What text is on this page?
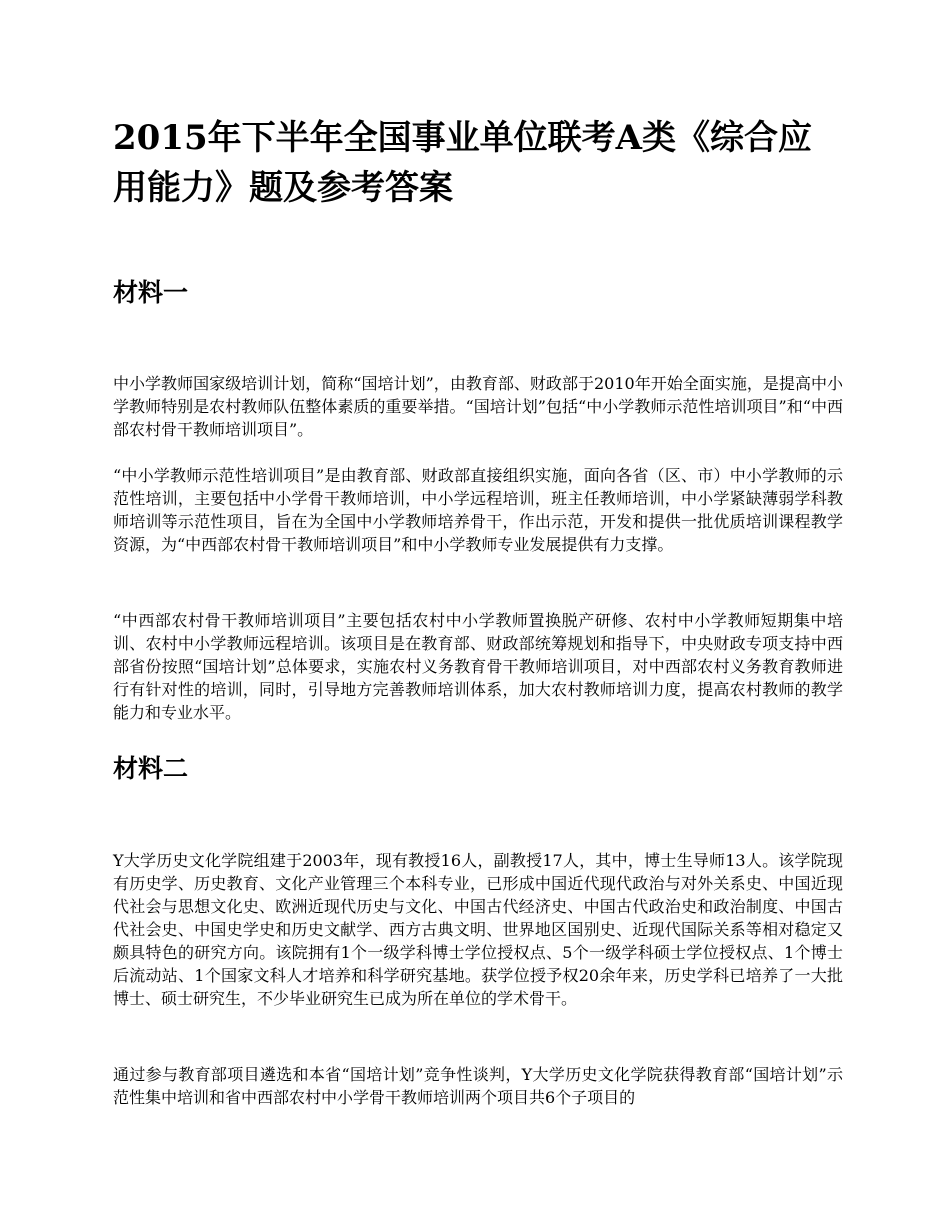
2015年下半年全国事业单位联考A类《综合应用能力》题及参考答案
材料一

中小学教师国家级培训计划，简称“国培计划”，由教育部、财政部于2010年开始全面实施，是提高中小学教师特别是农村教师队伍整体素质的重要举措。“国培计划”包括“中小学教师示范性培训项目”和“中西部农村骨干教师培训项目”。

“中小学教师示范性培训项目”是由教育部、财政部直接组织实施，面向各省（区、市）中小学教师的示范性培训，主要包括中小学骨干教师培训，中小学远程培训，班主任教师培训，中小学紧缺薄弱学科教师培训等示范性项目，旨在为全国中小学教师培养骨干，作出示范，开发和提供一批优质培训课程教学资源，为“中西部农村骨干教师培训项目”和中小学教师专业发展提供有力支撑。

“中西部农村骨干教师培训项目”主要包括农村中小学教师置换脱产研修、农村中小学教师短期集中培训、农村中小学教师远程培训。该项目是在教育部、财政部统筹规划和指导下，中央财政专项支持中西部省份按照“国培计划”总体要求，实施农村义务教育骨干教师培训项目，对中西部农村义务教育教师进行有针对性的培训，同时，引导地方完善教师培训体系，加大农村教师培训力度，提高农村教师的教学能力和专业水平。

材料二

Y大学历史文化学院组建于2003年，现有教授16人，副教授17人，其中，博士生导师13人。该学院现有历史学、历史教育、文化产业管理三个本科专业，已形成中国近代现代政治与对外关系史、中国近现代社会与思想文化史、欧洲近现代历史与文化、中国古代经济史、中国古代政治史和政治制度、中国古代社会史、中国史学史和历史文献学、西方古典文明、世界地区国别史、近现代国际关系等相对稳定又颇具特色的研究方向。该院拥有1个一级学科博士学位授权点、5个一级学科硕士学位授权点、1个博士后流动站、1个国家文科人才培养和科学研究基地。获学位授予权20余年来，历史学科已培养了一大批博士、硕士研究生，不少毕业研究生已成为所在单位的学术骨干。

通过参与教育部项目遴选和本省“国培计划”竞争性谈判，Y大学历史文化学院获得教育部“国培计划”示范性集中培训和省中西部农村中小学骨干教师培训两个项目共6个子项目的
